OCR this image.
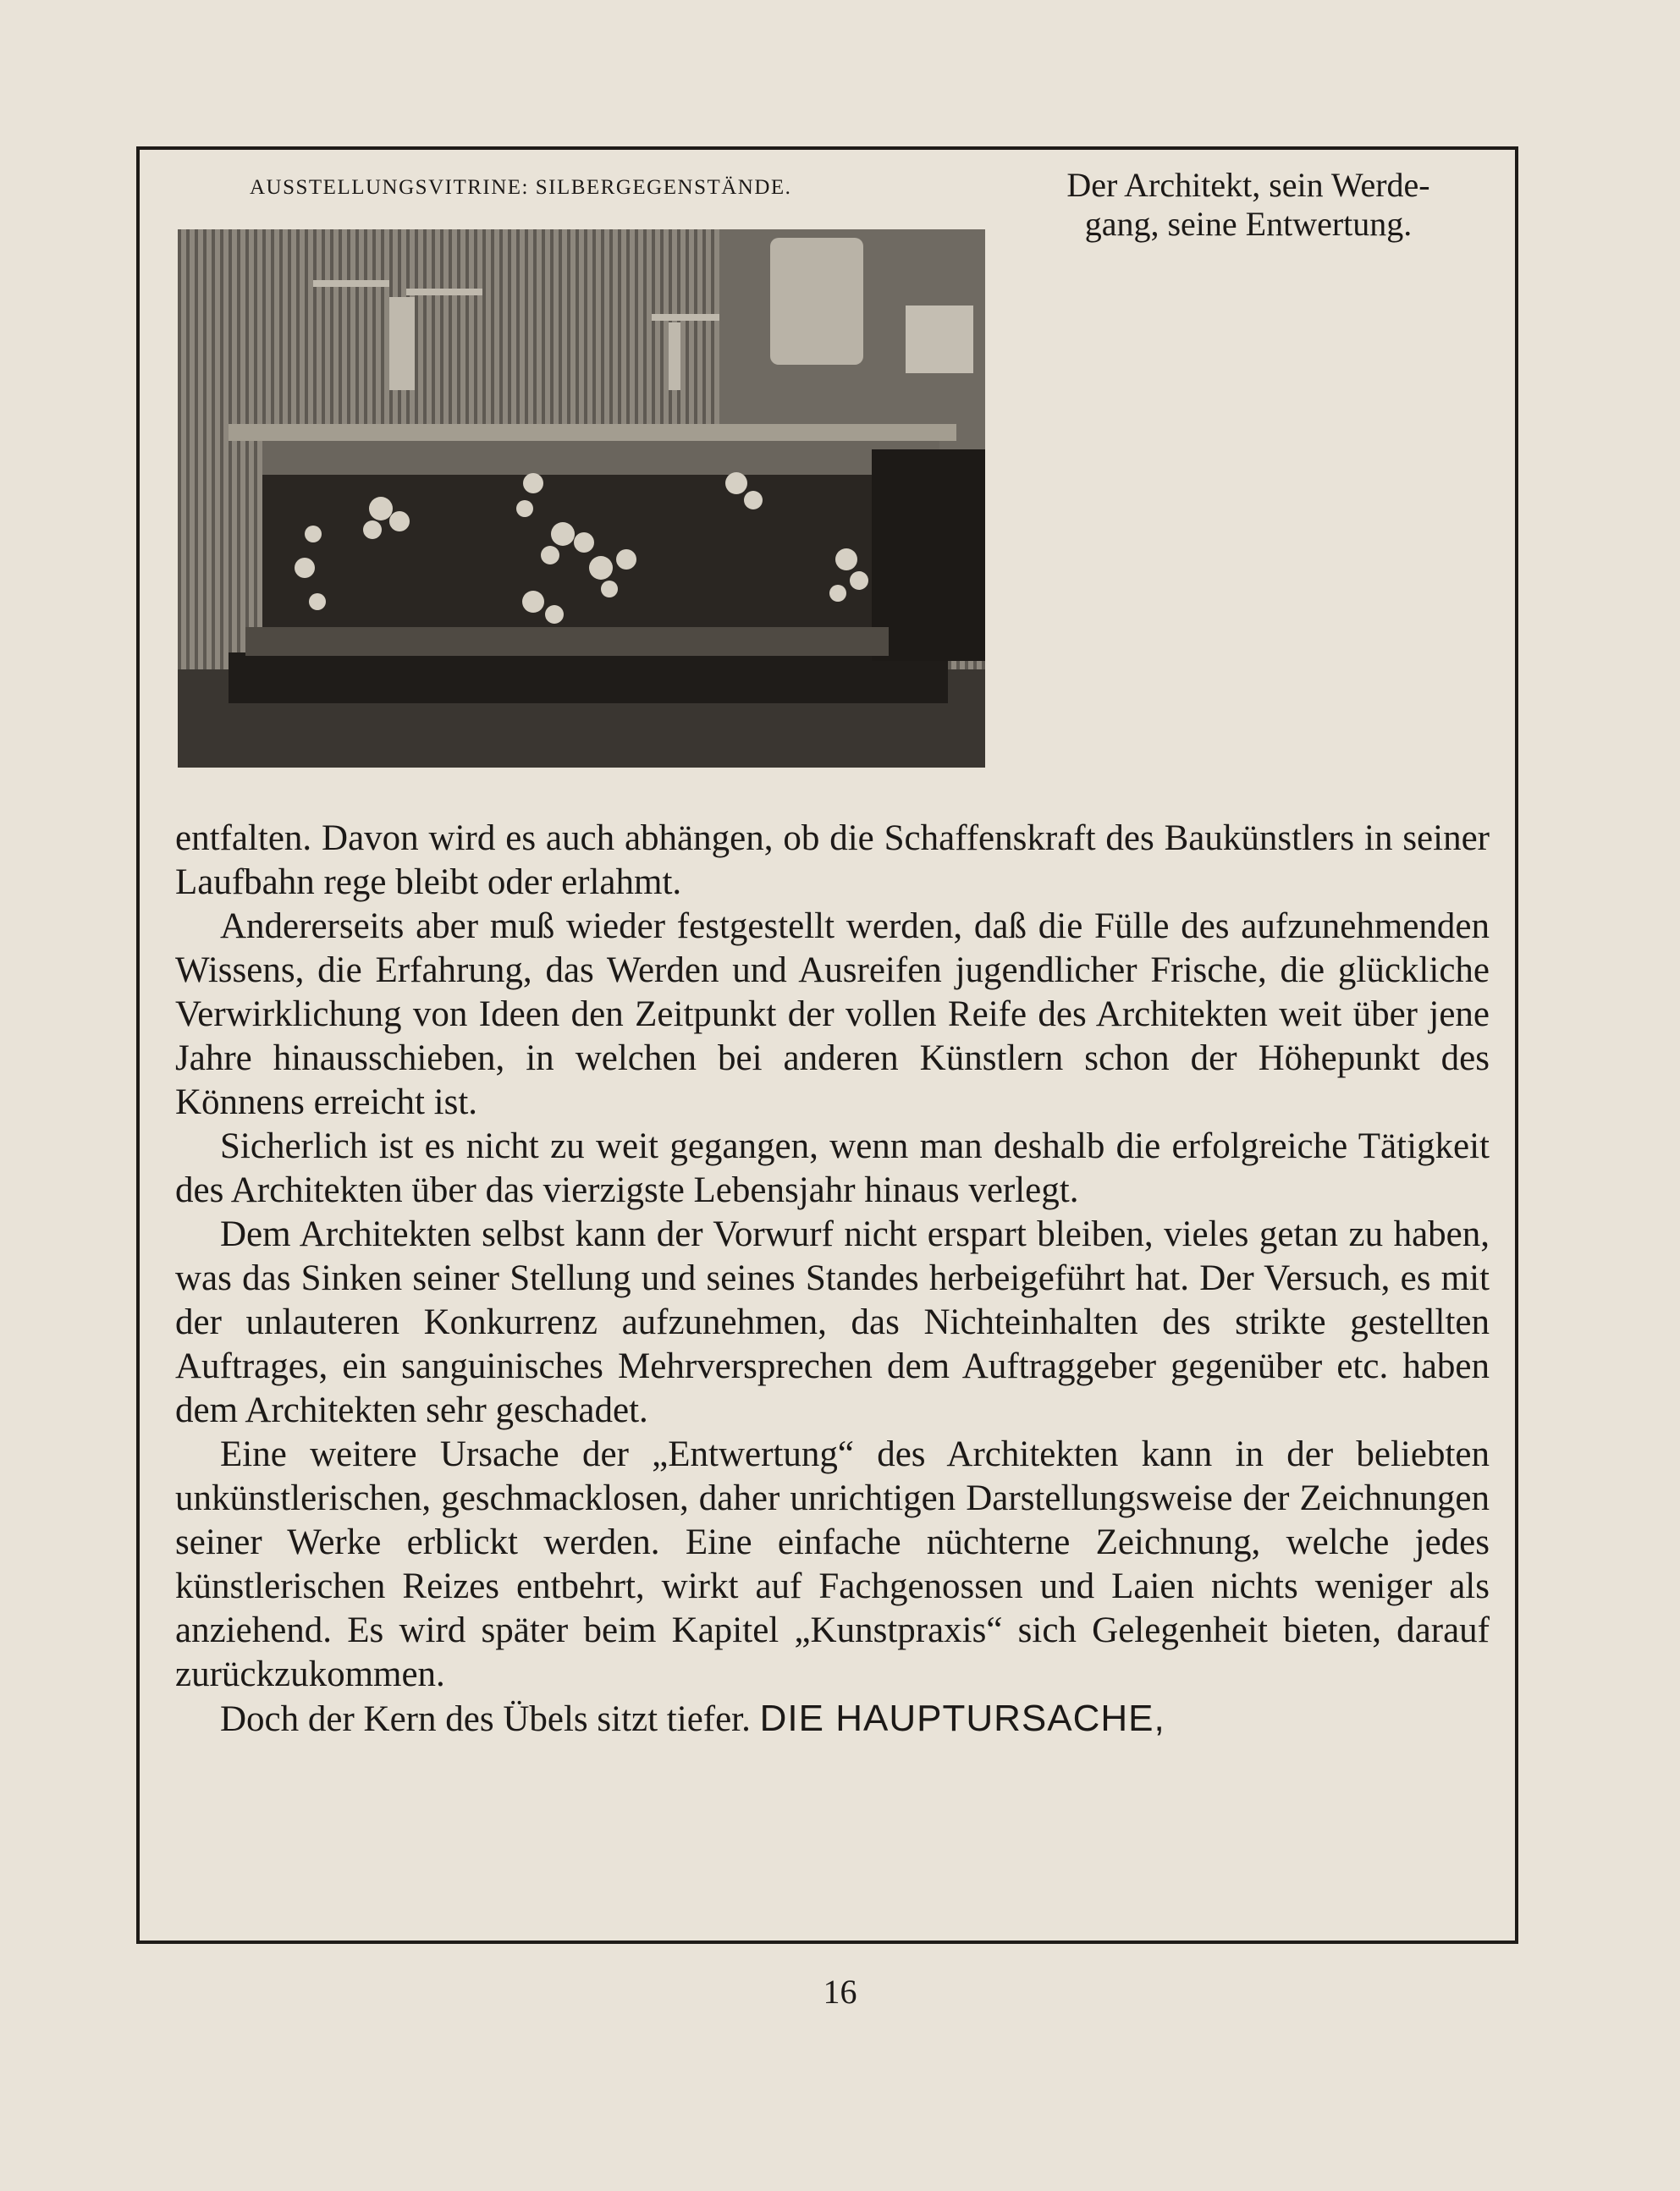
AUSSTELLUNGSVITRINE: SILBERGEGENSTÄNDE.	Der Architekt, sein Werde-
gang, seine Entwertung.

entfalten. Davon wird es auch abhängen, ob die Schaffenskraft des Baukünstlers in seiner Laufbahn rege bleibt oder erlahmt.

Andererseits aber muß wieder festgestellt werden, daß die Fülle des aufzunehmenden Wissens, die Erfahrung, das Werden und Ausreifen jugendlicher Frische, die glückliche Verwirklichung von Ideen den Zeitpunkt der vollen Reife des Architekten weit über jene Jahre hinausschieben, in welchen bei anderen Künstlern schon der Höhepunkt des Könnens erreicht ist.

Sicherlich ist es nicht zu weit gegangen, wenn man deshalb die erfolgreiche Tätigkeit des Architekten über das vierzigste Lebensjahr hinaus verlegt.

Dem Architekten selbst kann der Vorwurf nicht erspart bleiben, vieles getan zu haben, was das Sinken seiner Stellung und seines Standes herbeigeführt hat. Der Versuch, es mit der unlauteren Konkurrenz aufzunehmen, das Nichteinhalten des strikte gestellten Auftrages, ein sanguinisches Mehrversprechen dem Auftraggeber gegenüber etc. haben dem Architekten sehr geschadet.

Eine weitere Ursache der „Entwertung“ des Architekten kann in der beliebten unkünstlerischen, geschmacklosen, daher unrichtigen Darstellungsweise der Zeichnungen seiner Werke erblickt werden. Eine einfache nüchterne Zeichnung, welche jedes künstlerischen Reizes entbehrt, wirkt auf Fachgenossen und Laien nichts weniger als anziehend. Es wird später beim Kapitel „Kunstpraxis“ sich Gelegenheit bieten, darauf zurückzukommen.

Doch der Kern des Übels sitzt tiefer. DIE HAUPTURSACHE,

16
